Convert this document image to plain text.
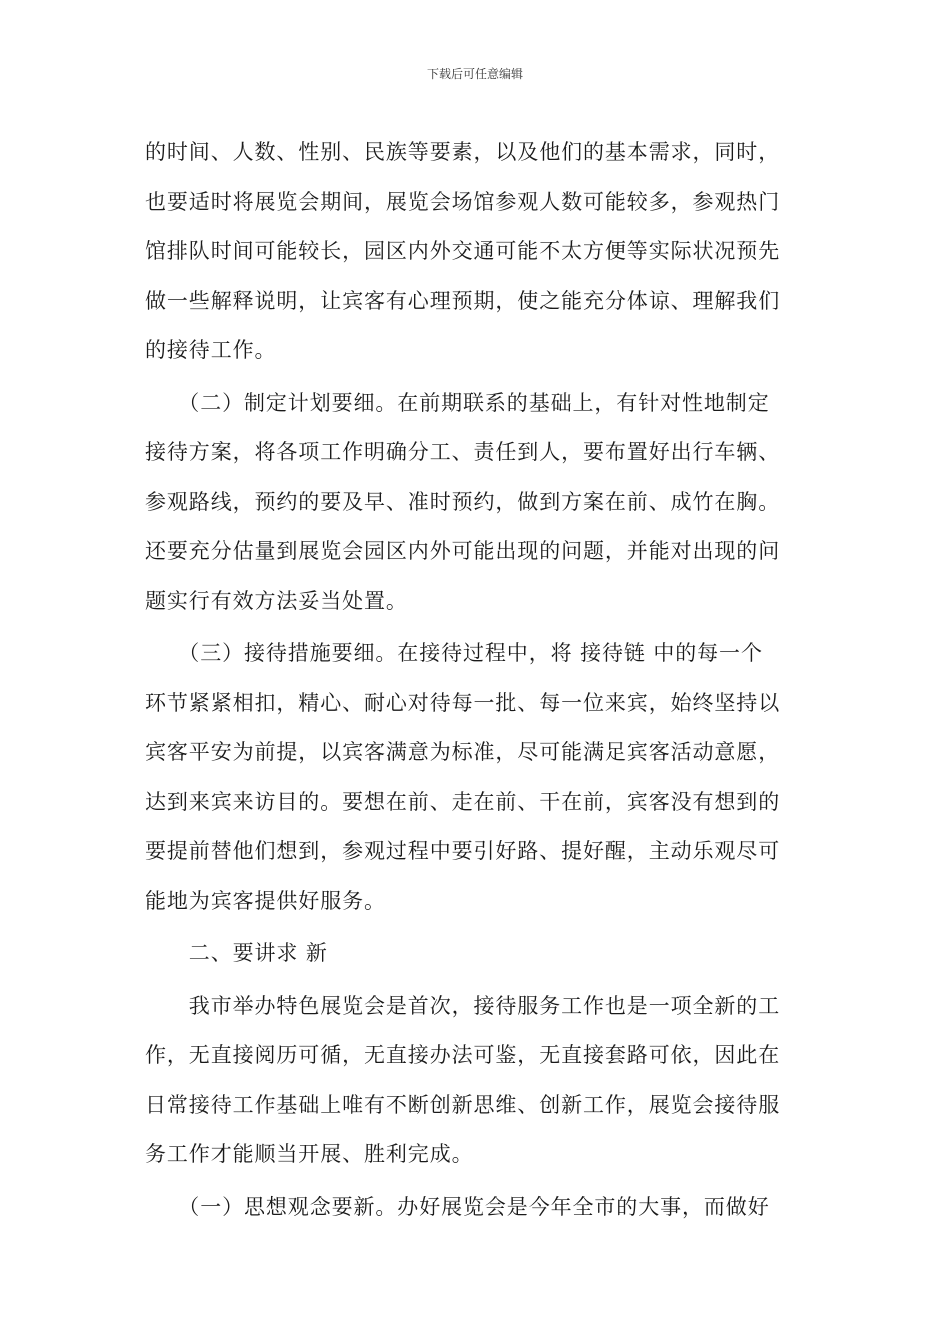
下载后可任意编辑
的时间、人数、性别、民族等要素，以及他们的基本需求，同时，
也要适时将展览会期间，展览会场馆参观人数可能较多，参观热门
馆排队时间可能较长，园区内外交通可能不太方便等实际状况预先
做一些解释说明，让宾客有心理预期，使之能充分体谅、理解我们
的接待工作。
　　（二）制定计划要细。在前期联系的基础上，有针对性地制定
接待方案，将各项工作明确分工、责任到人，要布置好出行车辆、
参观路线，预约的要及早、准时预约，做到方案在前、成竹在胸。
还要充分估量到展览会园区内外可能出现的问题，并能对出现的问
题实行有效方法妥当处置。
　　（三）接待措施要细。在接待过程中，将 接待链 中的每一个
环节紧紧相扣，精心、耐心对待每一批、每一位来宾，始终坚持以
宾客平安为前提，以宾客满意为标准，尽可能满足宾客活动意愿，
达到来宾来访目的。要想在前、走在前、干在前，宾客没有想到的
要提前替他们想到，参观过程中要引好路、提好醒，主动乐观尽可
能地为宾客提供好服务。
　　二、要讲求 新
　　我市举办特色展览会是首次，接待服务工作也是一项全新的工
作，无直接阅历可循，无直接办法可鉴，无直接套路可依，因此在
日常接待工作基础上唯有不断创新思维、创新工作，展览会接待服
务工作才能顺当开展、胜利完成。
　　（一）思想观念要新。办好展览会是今年全市的大事，而做好
